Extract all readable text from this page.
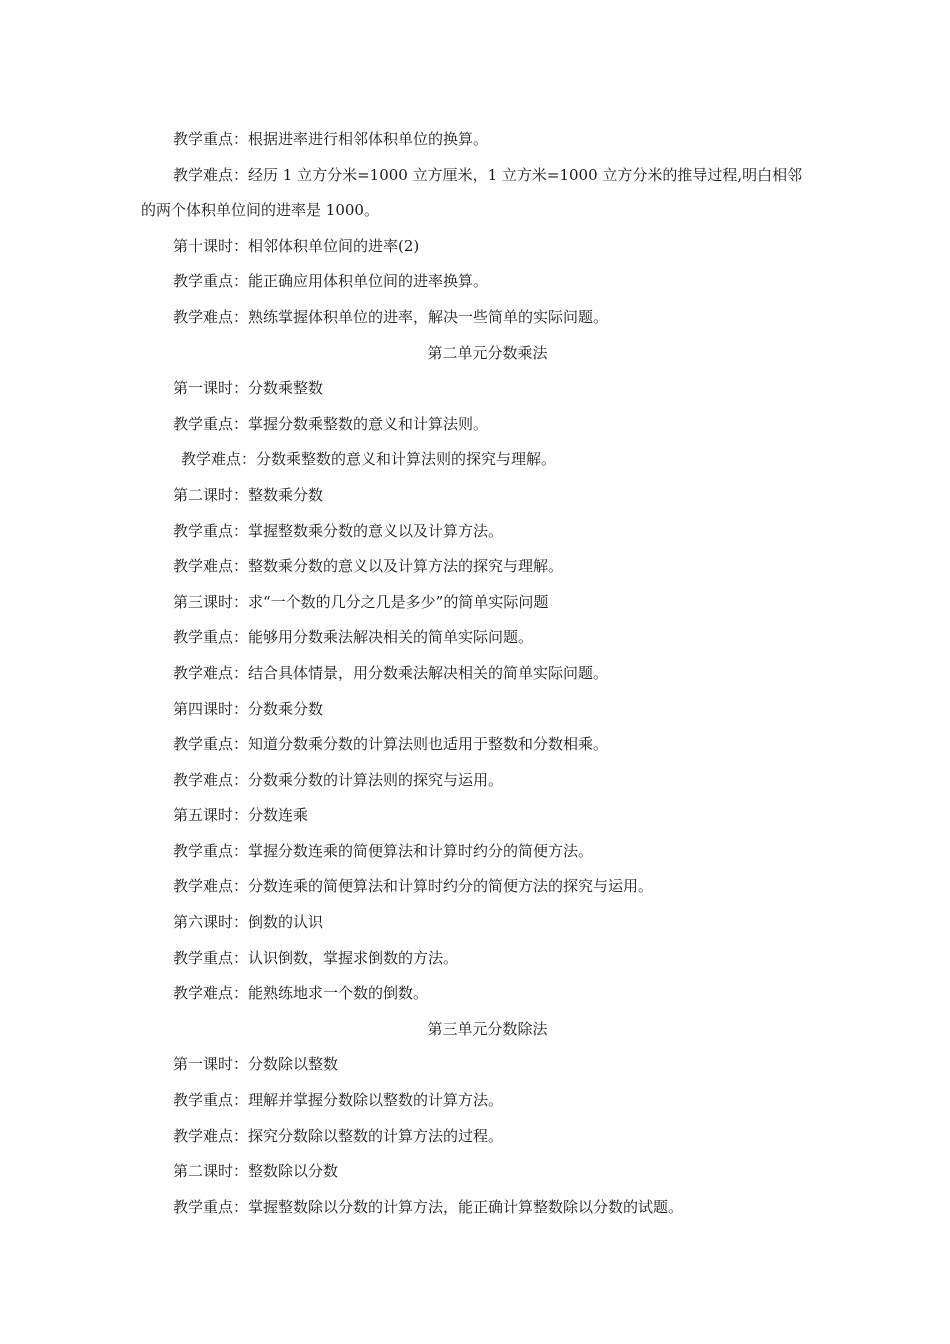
教学重点：根据进率进行相邻体积单位的换算。
教学难点：经历 1 立方分米=1000 立方厘米，1 立方米=1000 立方分米的推导过程,明白相邻的两个体积单位间的进率是 1000。
第十课时：相邻体积单位间的进率(2)
教学重点：能正确应用体积单位间的进率换算。
教学难点：熟练掌握体积单位的进率，解决一些简单的实际问题。
第二单元分数乘法
第一课时：分数乘整数
教学重点：掌握分数乘整数的意义和计算法则。
教学难点：分数乘整数的意义和计算法则的探究与理解。
第二课时：整数乘分数
教学重点：掌握整数乘分数的意义以及计算方法。
教学难点：整数乘分数的意义以及计算方法的探究与理解。
第三课时：求“一个数的几分之几是多少”的简单实际问题
教学重点：能够用分数乘法解决相关的简单实际问题。
教学难点：结合具体情景，用分数乘法解决相关的简单实际问题。
第四课时：分数乘分数
教学重点：知道分数乘分数的计算法则也适用于整数和分数相乘。
教学难点：分数乘分数的计算法则的探究与运用。
第五课时：分数连乘
教学重点：掌握分数连乘的简便算法和计算时约分的简便方法。
教学难点：分数连乘的简便算法和计算时约分的简便方法的探究与运用。
第六课时：倒数的认识
教学重点：认识倒数，掌握求倒数的方法。
教学难点：能熟练地求一个数的倒数。
第三单元分数除法
第一课时：分数除以整数
教学重点：理解并掌握分数除以整数的计算方法。
教学难点：探究分数除以整数的计算方法的过程。
第二课时：整数除以分数
教学重点：掌握整数除以分数的计算方法，能正确计算整数除以分数的试题。
